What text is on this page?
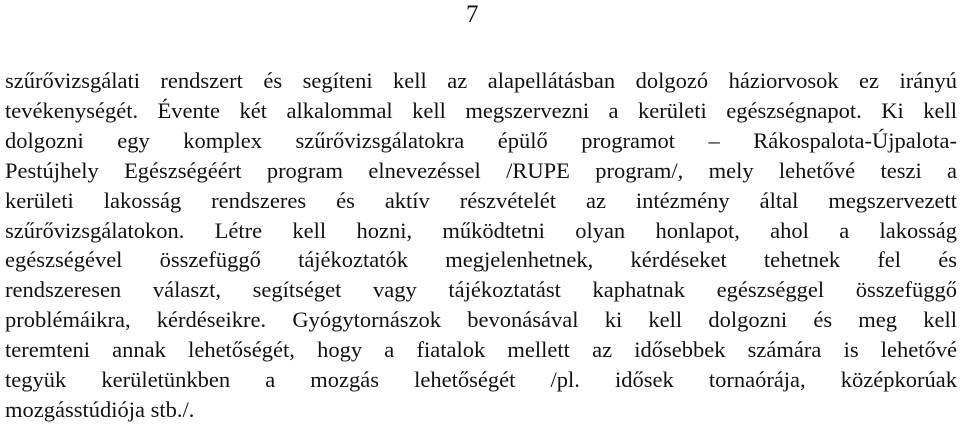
7
szűrővizsgálati rendszert és segíteni kell az alapellátásban dolgozó háziorvosok ez irányú
tevékenységét. Évente két alkalommal kell megszervezni a kerületi egészségnapot. Ki kell
dolgozni egy komplex szűrővizsgálatokra épülő programot – Rákospalota-Újpalota-
Pestújhely Egészségéért program elnevezéssel /RUPE program/, mely lehetővé teszi a
kerületi lakosság rendszeres és aktív részvételét az intézmény által megszervezett
szűrővizsgálatokon. Létre kell hozni, működtetni olyan honlapot, ahol a lakosság
egészségével összefüggő tájékoztatók megjelenhetnek, kérdéseket tehetnek fel és
rendszeresen választ, segítséget vagy tájékoztatást kaphatnak egészséggel összefüggő
problémáikra, kérdéseikre. Gyógytornászok bevonásával ki kell dolgozni és meg kell
teremteni annak lehetőségét, hogy a fiatalok mellett az idősebbek számára is lehetővé
tegyük kerületünkben a mozgás lehetőségét /pl. idősek tornaórája, középkorúak
mozgásstúdiója stb./.
